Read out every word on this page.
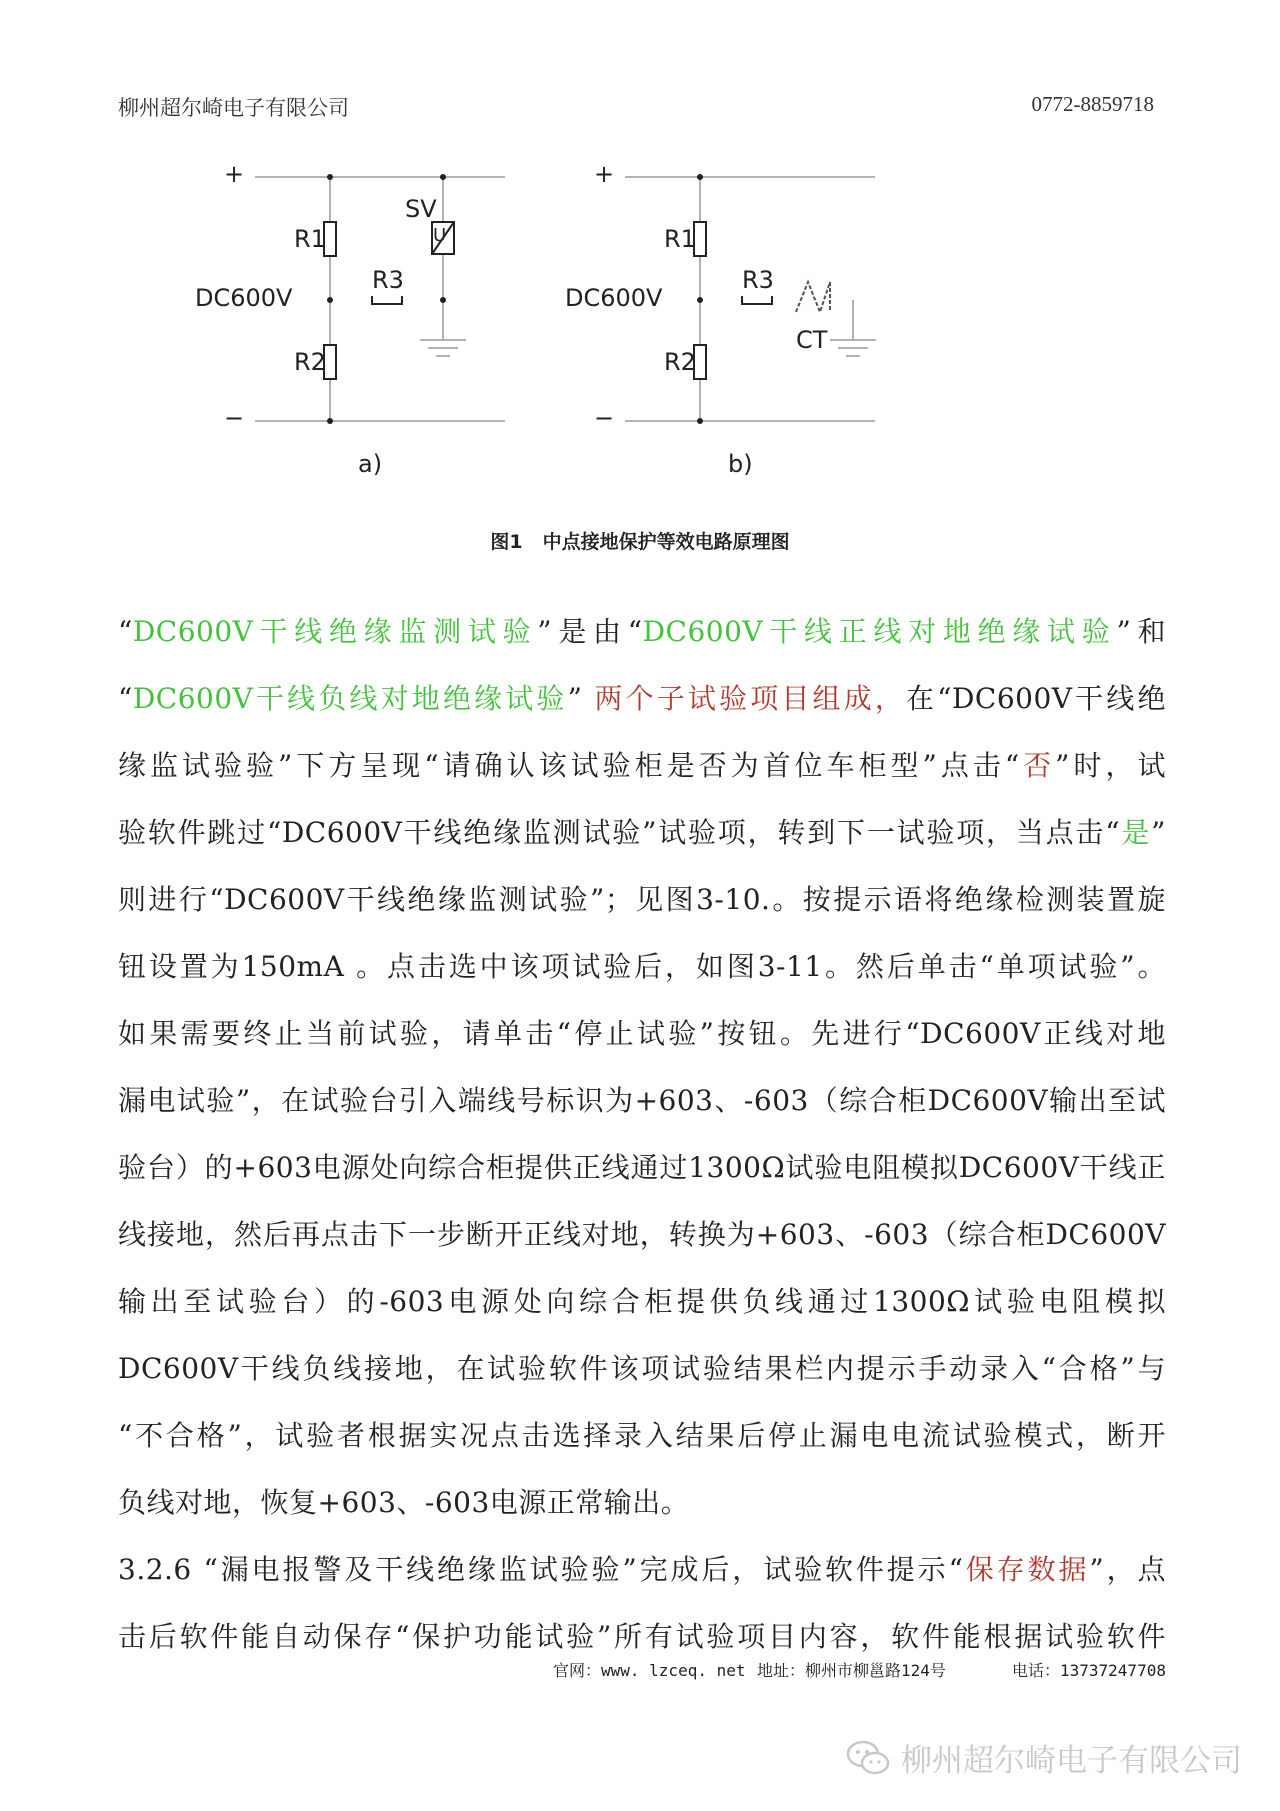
柳州超尔崎电子有限公司	0772-8859718
+
−
R1
R2
R3
DC600V
SV
U
a)
+
−
R1
R2
R3
DC600V
CT
b)
图1 中点接地保护等效电路原理图
“DC600V干线绝缘监测试验”是由“DC600V干线正线对地绝缘试验”和
“DC600V干线负线对地绝缘试验” 两个子试验项目组成，在“DC600V干线绝
缘监试验验”下方呈现“请确认该试验柜是否为首位车柜型”点击“否”时，试
验软件跳过“DC600V干线绝缘监测试验”试验项，转到下一试验项，当点击“是”
则进行“DC600V干线绝缘监测试验”；见图3-10.。按提示语将绝缘检测装置旋
钮设置为150mA 。点击选中该项试验后，如图3-11。然后单击“单项试验”。
如果需要终止当前试验，请单击“停止试验”按钮。先进行“DC600V正线对地
漏电试验”，在试验台引入端线号标识为+603、-603（综合柜DC600V输出至试
验台）的+603电源处向综合柜提供正线通过1300Ω试验电阻模拟DC600V干线正
线接地，然后再点击下一步断开正线对地，转换为+603、-603（综合柜DC600V
输出至试验台）的-603电源处向综合柜提供负线通过1300Ω试验电阻模拟
DC600V干线负线接地，在试验软件该项试验结果栏内提示手动录入“合格”与
“不合格”，试验者根据实况点击选择录入结果后停止漏电电流试验模式，断开
负线对地，恢复+603、-603电源正常输出。
3.2.6 “漏电报警及干线绝缘监试验验”完成后，试验软件提示“保存数据”，点
击后软件能自动保存“保护功能试验”所有试验项目内容，软件能根据试验软件
官网：www. lzceq. net 地址：柳州市柳邕路124号	电话：13737247708
柳州超尔崎电子有限公司
